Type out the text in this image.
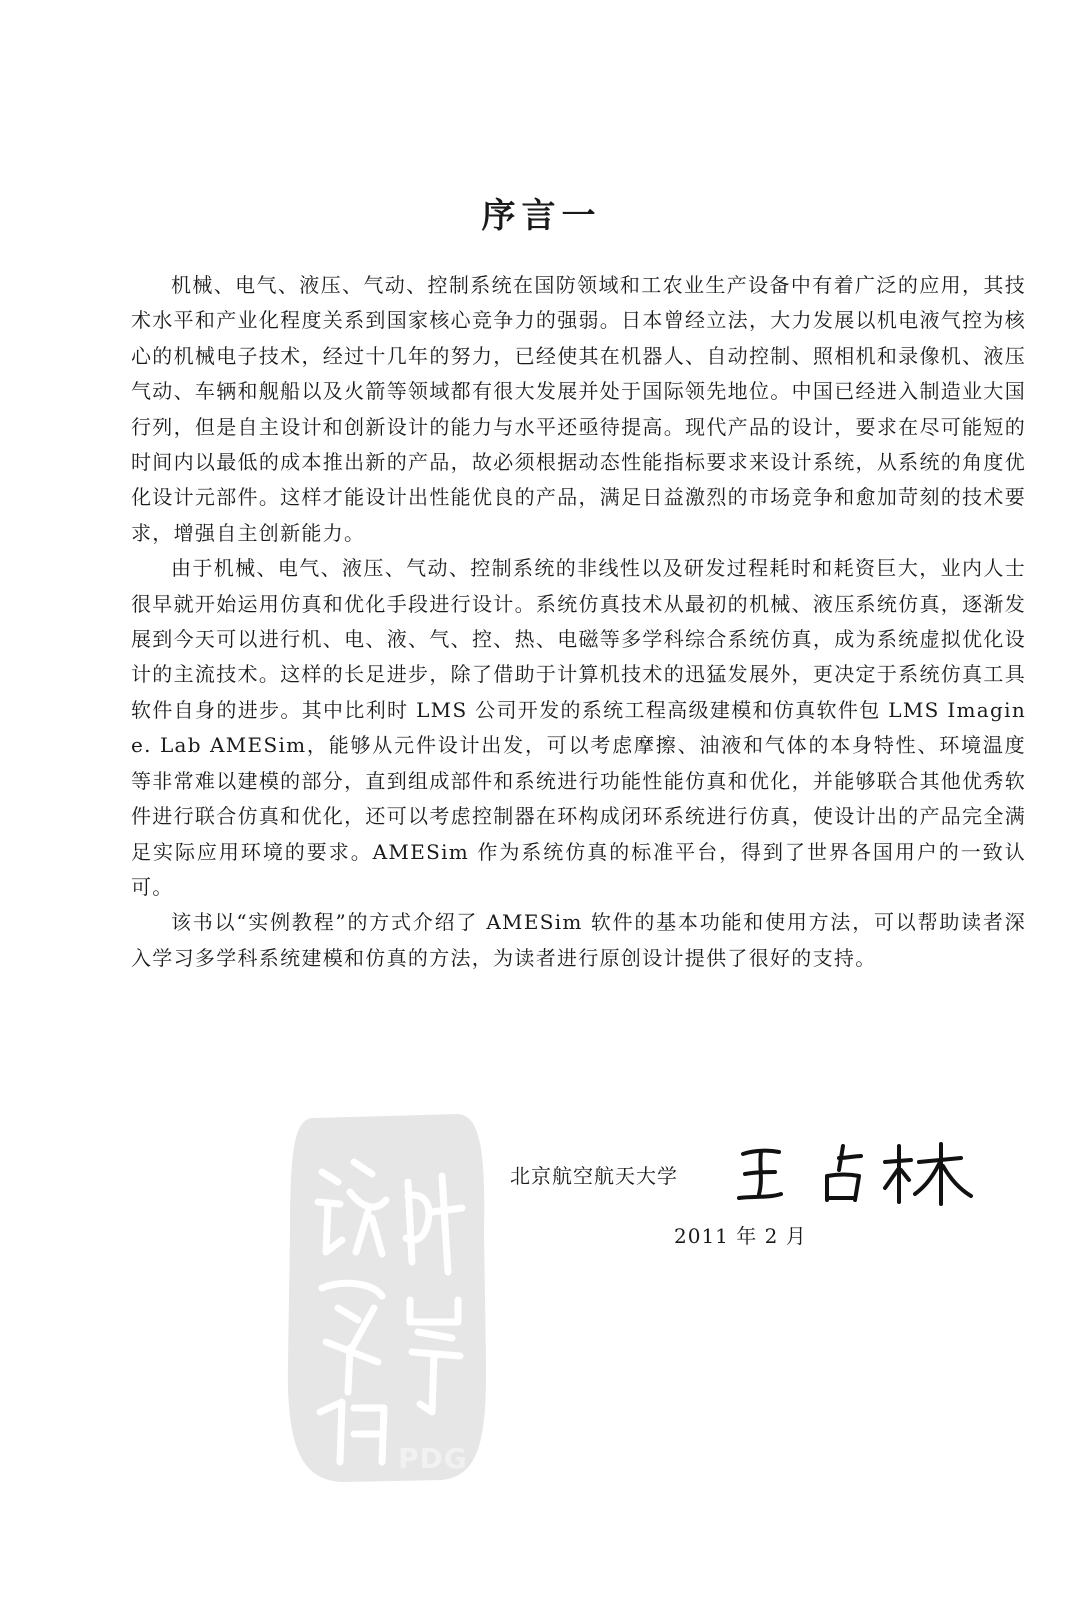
序言一

机械、电气、液压、气动、控制系统在国防领域和工农业生产设备中有着广泛的应用，其技术水平和产业化程度关系到国家核心竞争力的强弱。日本曾经立法，大力发展以机电液气控为核心的机械电子技术，经过十几年的努力，已经使其在机器人、自动控制、照相机和录像机、液压气动、车辆和舰船以及火箭等领域都有很大发展并处于国际领先地位。中国已经进入制造业大国行列，但是自主设计和创新设计的能力与水平还亟待提高。现代产品的设计，要求在尽可能短的时间内以最低的成本推出新的产品，故必须根据动态性能指标要求来设计系统，从系统的角度优化设计元部件。这样才能设计出性能优良的产品，满足日益激烈的市场竞争和愈加苛刻的技术要求，增强自主创新能力。

由于机械、电气、液压、气动、控制系统的非线性以及研发过程耗时和耗资巨大，业内人士很早就开始运用仿真和优化手段进行设计。系统仿真技术从最初的机械、液压系统仿真，逐渐发展到今天可以进行机、电、液、气、控、热、电磁等多学科综合系统仿真，成为系统虚拟优化设计的主流技术。这样的长足进步，除了借助于计算机技术的迅猛发展外，更决定于系统仿真工具软件自身的进步。其中比利时 LMS 公司开发的系统工程高级建模和仿真软件包 LMS Imagine. Lab AMESim，能够从元件设计出发，可以考虑摩擦、油液和气体的本身特性、环境温度等非常难以建模的部分，直到组成部件和系统进行功能性能仿真和优化，并能够联合其他优秀软件进行联合仿真和优化，还可以考虑控制器在环构成闭环系统进行仿真，使设计出的产品完全满足实际应用环境的要求。AMESim 作为系统仿真的标准平台，得到了世界各国用户的一致认可。

该书以“实例教程”的方式介绍了 AMESim 软件的基本功能和使用方法，可以帮助读者深入学习多学科系统建模和仿真的方法，为读者进行原创设计提供了很好的支持。

PDG
北京航空航天大学
2011 年 2 月
